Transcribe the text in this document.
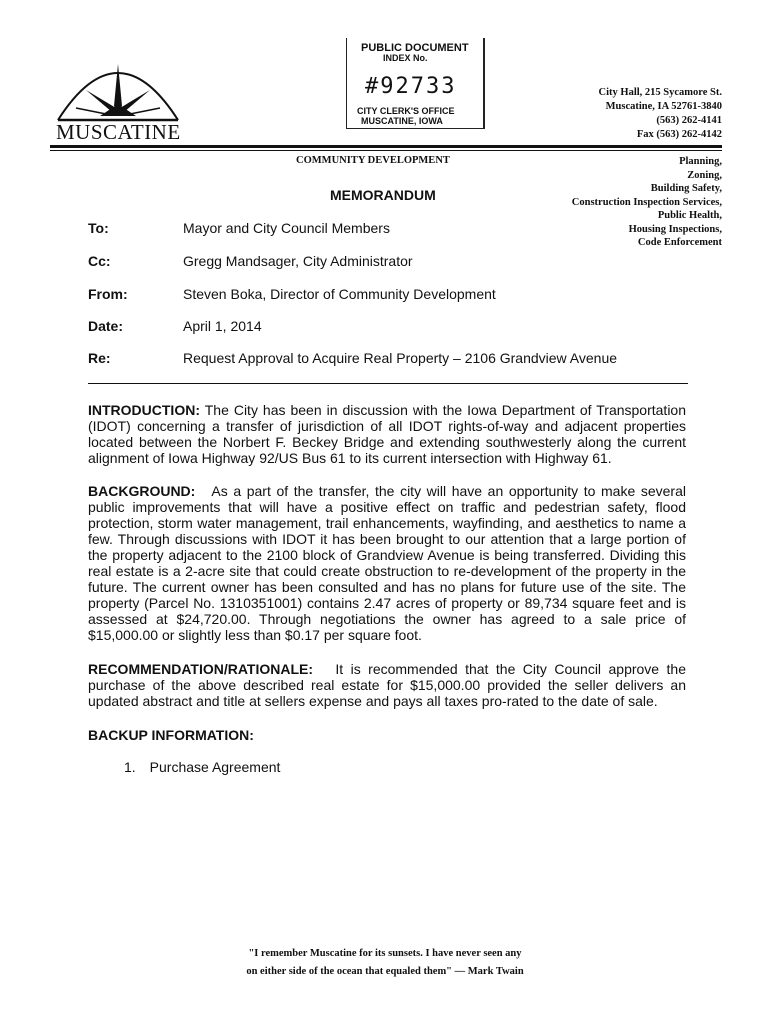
MUSCATINE
PUBLIC DOCUMENT
INDEX No.
#92733
CITY CLERK'S OFFICE
MUSCATINE, IOWA
City Hall, 215 Sycamore St.
Muscatine, IA 52761-3840
(563) 262-4141
Fax (563) 262-4142
COMMUNITY DEVELOPMENT	Planning,
Zoning,
Building Safety,
Construction Inspection Services,
Public Health,
Housing Inspections,
Code Enforcement
MEMORANDUM
To:	Mayor and City Council Members
Cc:	Gregg Mandsager, City Administrator
From:	Steven Boka, Director of Community Development
Date:	April 1, 2014
Re:	Request Approval to Acquire Real Property – 2106 Grandview Avenue
INTRODUCTION: The City has been in discussion with the Iowa Department of Transportation (IDOT) concerning a transfer of jurisdiction of all IDOT rights-of-way and adjacent properties located between the Norbert F. Beckey Bridge and extending southwesterly along the current alignment of Iowa Highway 92/US Bus 61 to its current intersection with Highway 61.
BACKGROUND: As a part of the transfer, the city will have an opportunity to make several public improvements that will have a positive effect on traffic and pedestrian safety, flood protection, storm water management, trail enhancements, wayfinding, and aesthetics to name a few. Through discussions with IDOT it has been brought to our attention that a large portion of the property adjacent to the 2100 block of Grandview Avenue is being transferred. Dividing this real estate is a 2-acre site that could create obstruction to re-development of the property in the future. The current owner has been consulted and has no plans for future use of the site. The property (Parcel No. 1310351001) contains 2.47 acres of property or 89,734 square feet and is assessed at $24,720.00. Through negotiations the owner has agreed to a sale price of $15,000.00 or slightly less than $0.17 per square foot.
RECOMMENDATION/RATIONALE: It is recommended that the City Council approve the purchase of the above described real estate for $15,000.00 provided the seller delivers an updated abstract and title at sellers expense and pays all taxes pro-rated to the date of sale.
BACKUP INFORMATION:
1. Purchase Agreement
"I remember Muscatine for its sunsets. I have never seen any
on either side of the ocean that equaled them" — Mark Twain
